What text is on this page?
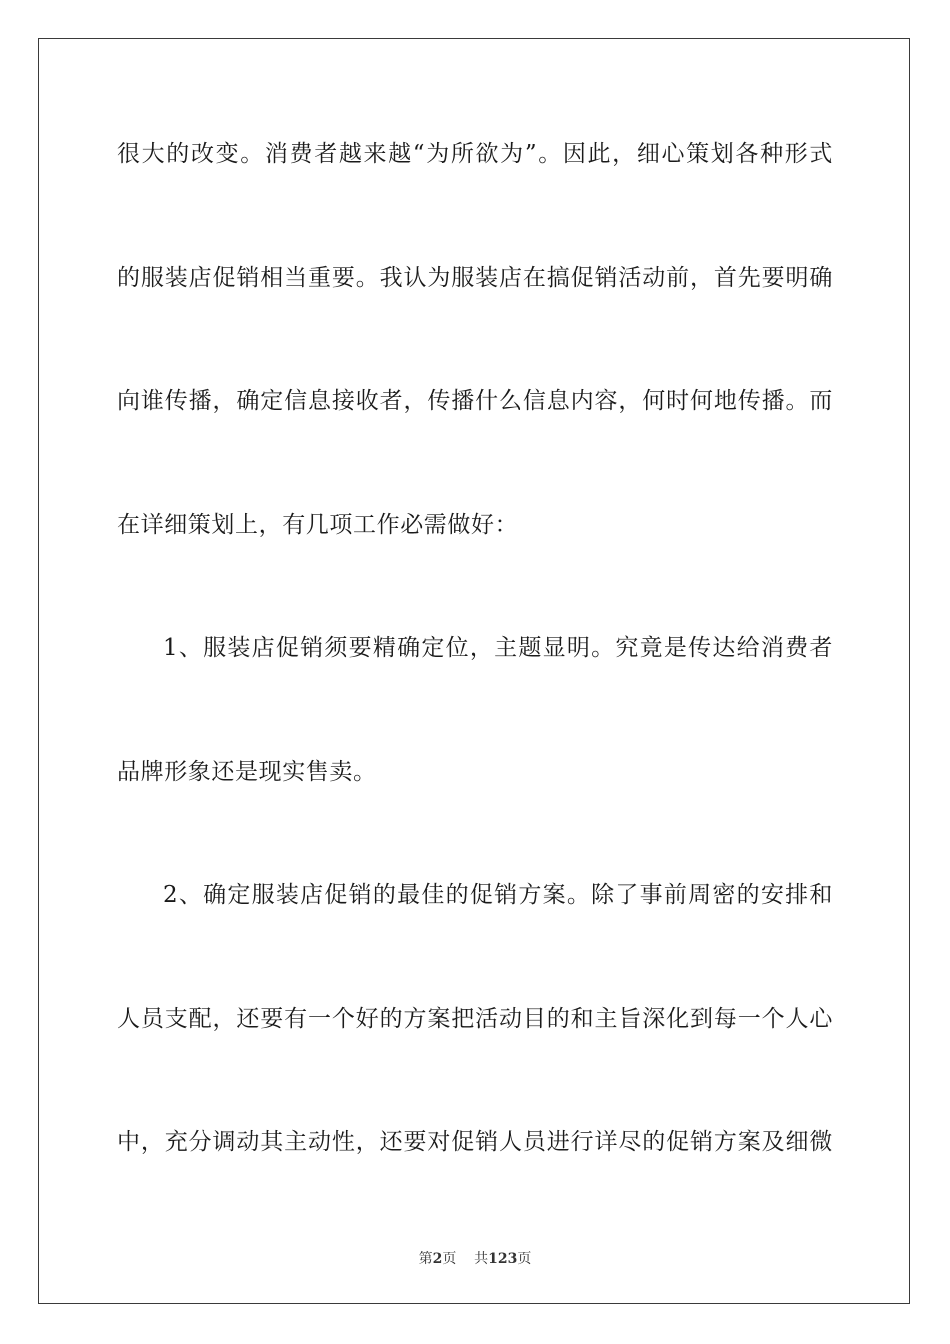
很大的改变。消费者越来越“为所欲为”。因此，细心策划各种形式
的服装店促销相当重要。我认为服装店在搞促销活动前，首先要明确
向谁传播，确定信息接收者，传播什么信息内容，何时何地传播。而
在详细策划上，有几项工作必需做好：
1、服装店促销须要精确定位，主题显明。究竟是传达给消费者
品牌形象还是现实售卖。
2、确定服装店促销的最佳的促销方案。除了事前周密的安排和
人员支配，还要有一个好的方案把活动目的和主旨深化到每一个人心
中，充分调动其主动性，还要对促销人员进行详尽的促销方案及细微
第2页 共123页
